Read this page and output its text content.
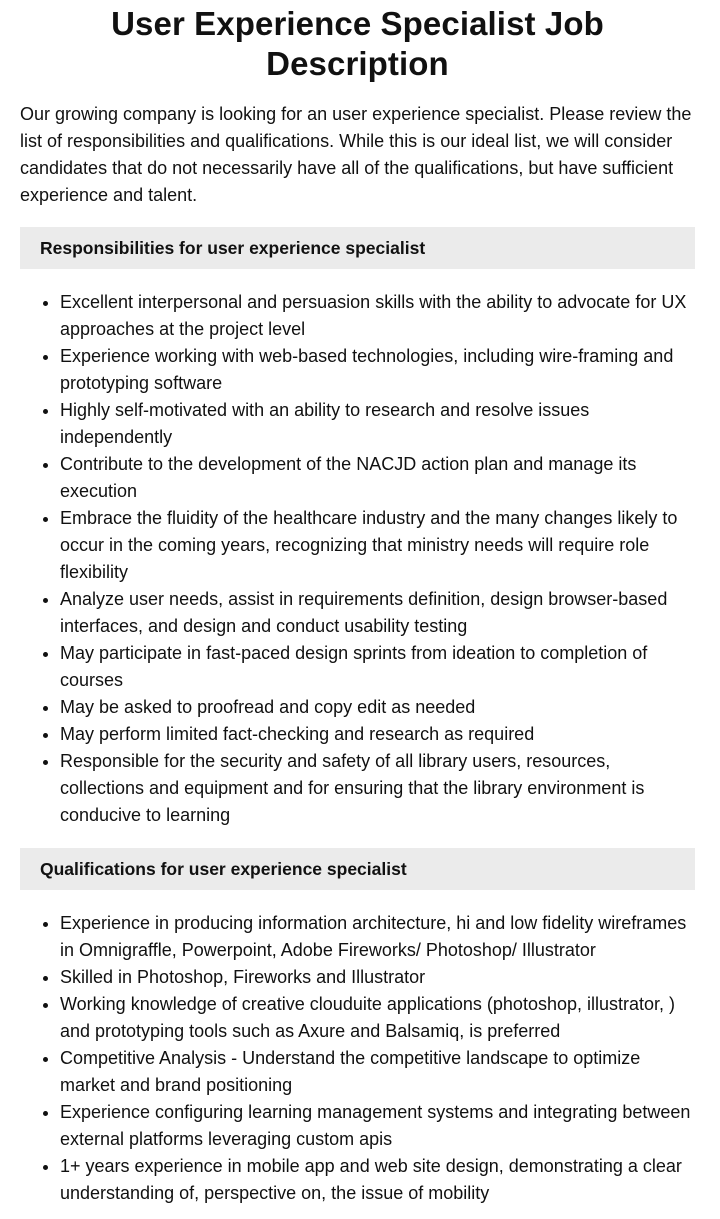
User Experience Specialist Job Description

Our growing company is looking for an user experience specialist. Please review the list of responsibilities and qualifications. While this is our ideal list, we will consider candidates that do not necessarily have all of the qualifications, but have sufficient experience and talent.

Responsibilities for user experience specialist
• Excellent interpersonal and persuasion skills with the ability to advocate for UX approaches at the project level
• Experience working with web-based technologies, including wire-framing and prototyping software
• Highly self-motivated with an ability to research and resolve issues independently
• Contribute to the development of the NACJD action plan and manage its execution
• Embrace the fluidity of the healthcare industry and the many changes likely to occur in the coming years, recognizing that ministry needs will require role flexibility
• Analyze user needs, assist in requirements definition, design browser-based interfaces, and design and conduct usability testing
• May participate in fast-paced design sprints from ideation to completion of courses
• May be asked to proofread and copy edit as needed
• May perform limited fact-checking and research as required
• Responsible for the security and safety of all library users, resources, collections and equipment and for ensuring that the library environment is conducive to learning
Qualifications for user experience specialist
• Experience in producing information architecture, hi and low fidelity wireframes in Omnigraffle, Powerpoint, Adobe Fireworks/ Photoshop/ Illustrator
• Skilled in Photoshop, Fireworks and Illustrator
• Working knowledge of creative clouduite applications (photoshop, illustrator, ) and prototyping tools such as Axure and Balsamiq, is preferred
• Competitive Analysis - Understand the competitive landscape to optimize market and brand positioning
• Experience configuring learning management systems and integrating between external platforms leveraging custom apis
• 1+ years experience in mobile app and web site design, demonstrating a clear understanding of, perspective on, the issue of mobility
